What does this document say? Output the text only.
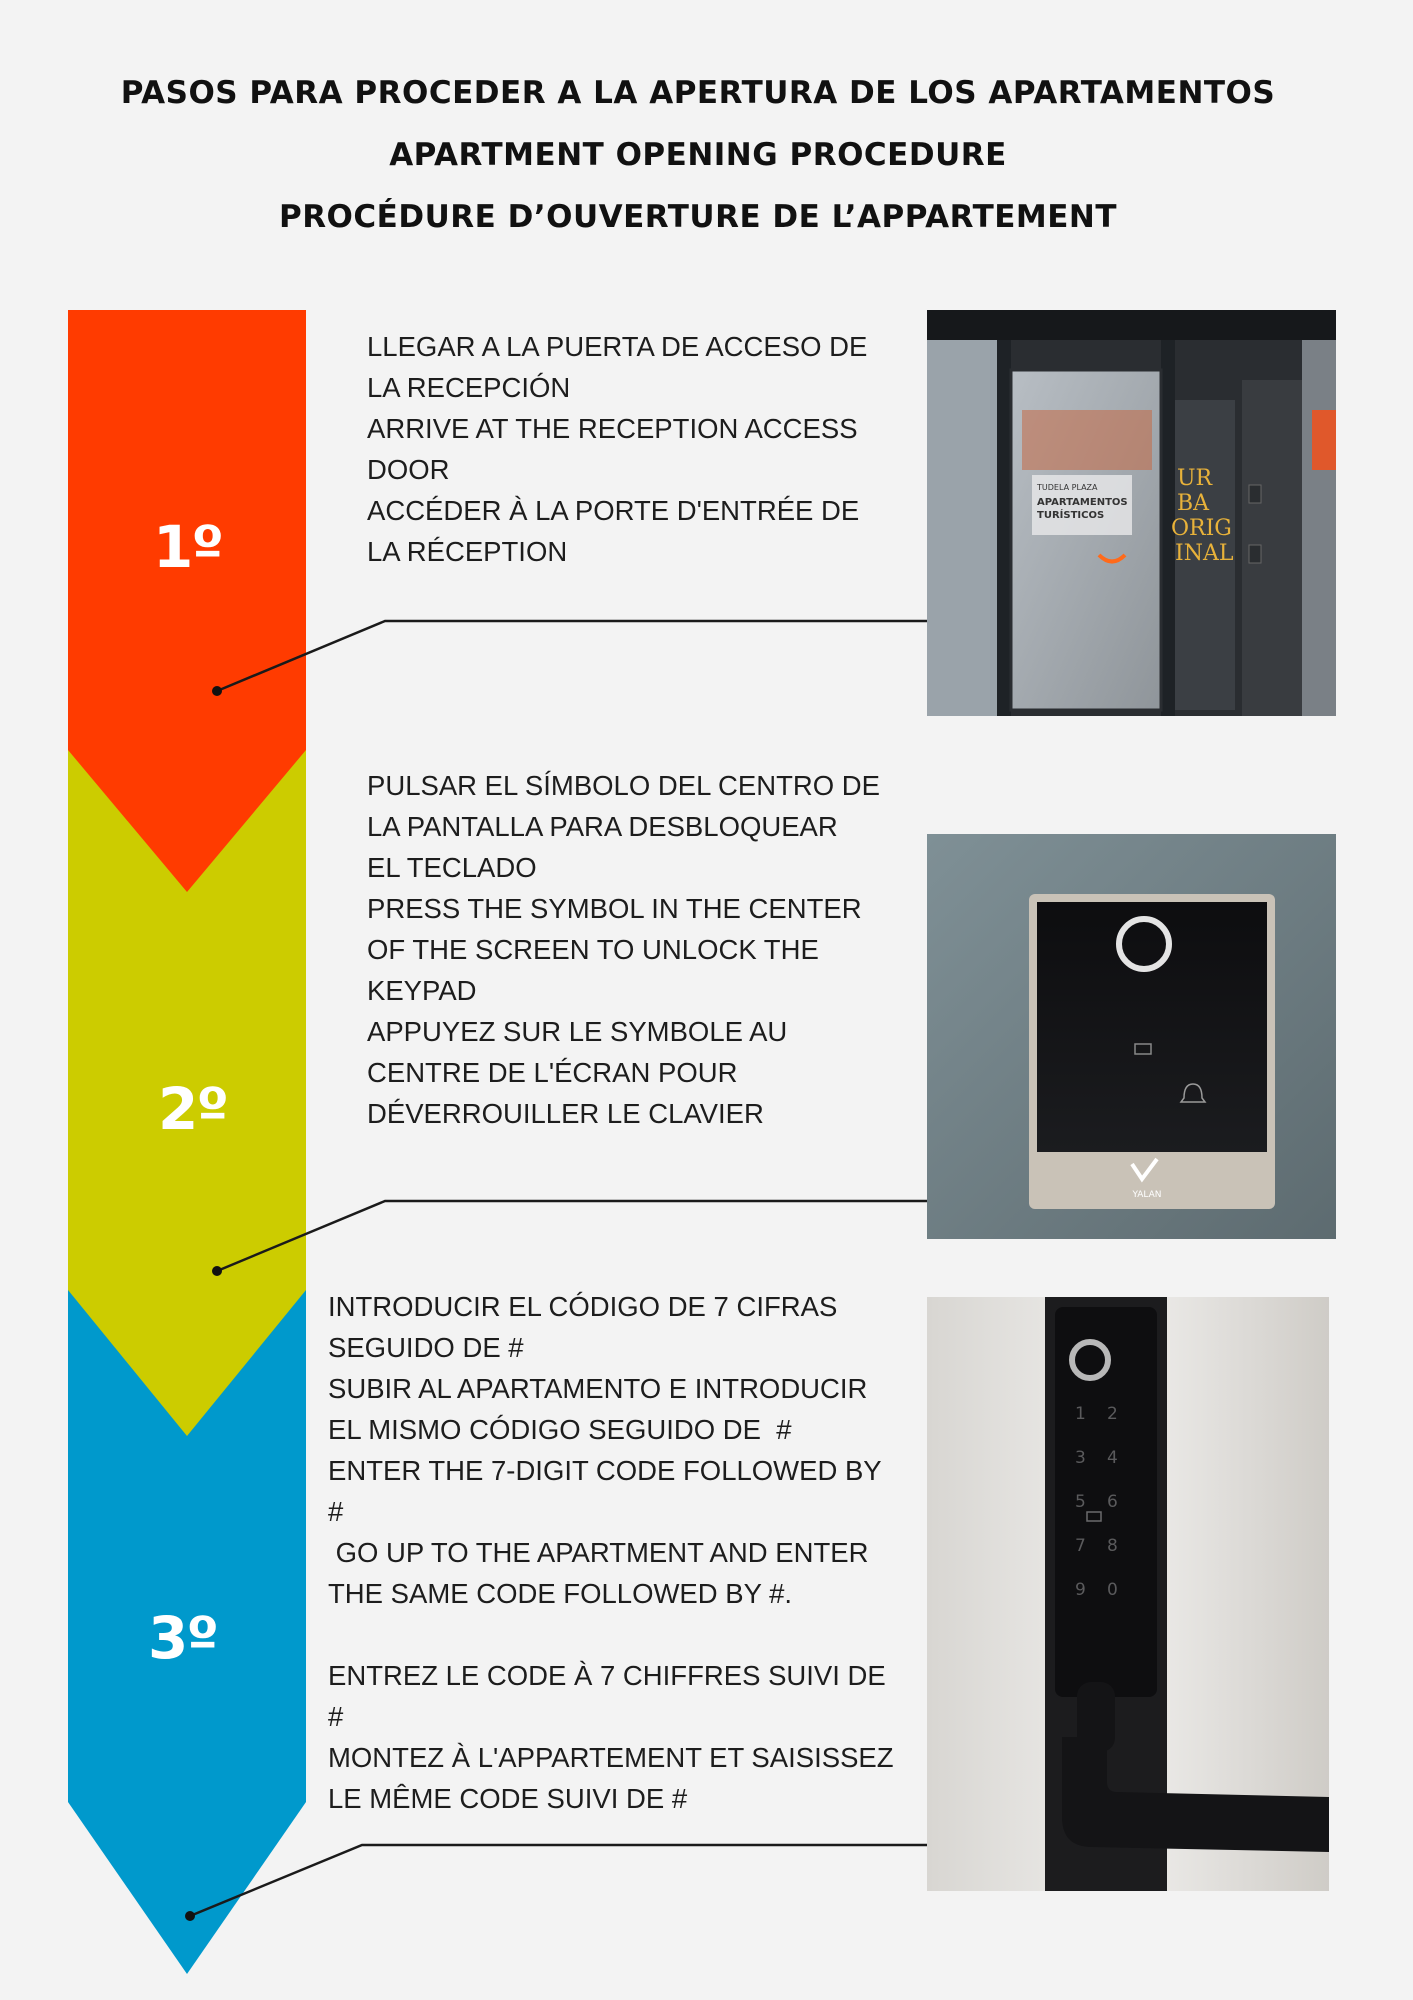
PASOS PARA PROCEDER A LA APERTURA DE LOS APARTAMENTOS
APARTMENT OPENING PROCEDURE
PROCÉDURE D’OUVERTURE DE L’APPARTEMENT
1º
2º
3º

LLEGAR A LA PUERTA DE ACCESO DE

LA RECEPCIÓN

ARRIVE AT THE RECEPTION ACCESS

DOOR

ACCÉDER À LA PORTE D'ENTRÉE DE

LA RÉCEPTION

PULSAR EL SÍMBOLO DEL CENTRO DE

LA PANTALLA PARA DESBLOQUEAR

EL TECLADO

PRESS THE SYMBOL IN THE CENTER

OF THE SCREEN TO UNLOCK THE

KEYPAD

APPUYEZ SUR LE SYMBOLE AU

CENTRE DE L'ÉCRAN POUR

DÉVERROUILLER LE CLAVIER

INTRODUCIR EL CÓDIGO DE 7 CIFRAS

SEGUIDO DE #

SUBIR AL APARTAMENTO E INTRODUCIR

EL MISMO CÓDIGO SEGUIDO DE  #

ENTER THE 7-DIGIT CODE FOLLOWED BY

#

GO UP TO THE APARTMENT AND ENTER

THE SAME CODE FOLLOWED BY #.

ENTREZ LE CODE À 7 CHIFFRES SUIVI DE

#

MONTEZ À L'APPARTEMENT ET SAISISSEZ

LE MÊME CODE SUIVI DE #

TUDELA PLAZA
APARTAMENTOS
TURÍSTICOS
UR
BA
ORIG
INAL
YALAN
1 2
3 4
5 6
7 8
9 0
